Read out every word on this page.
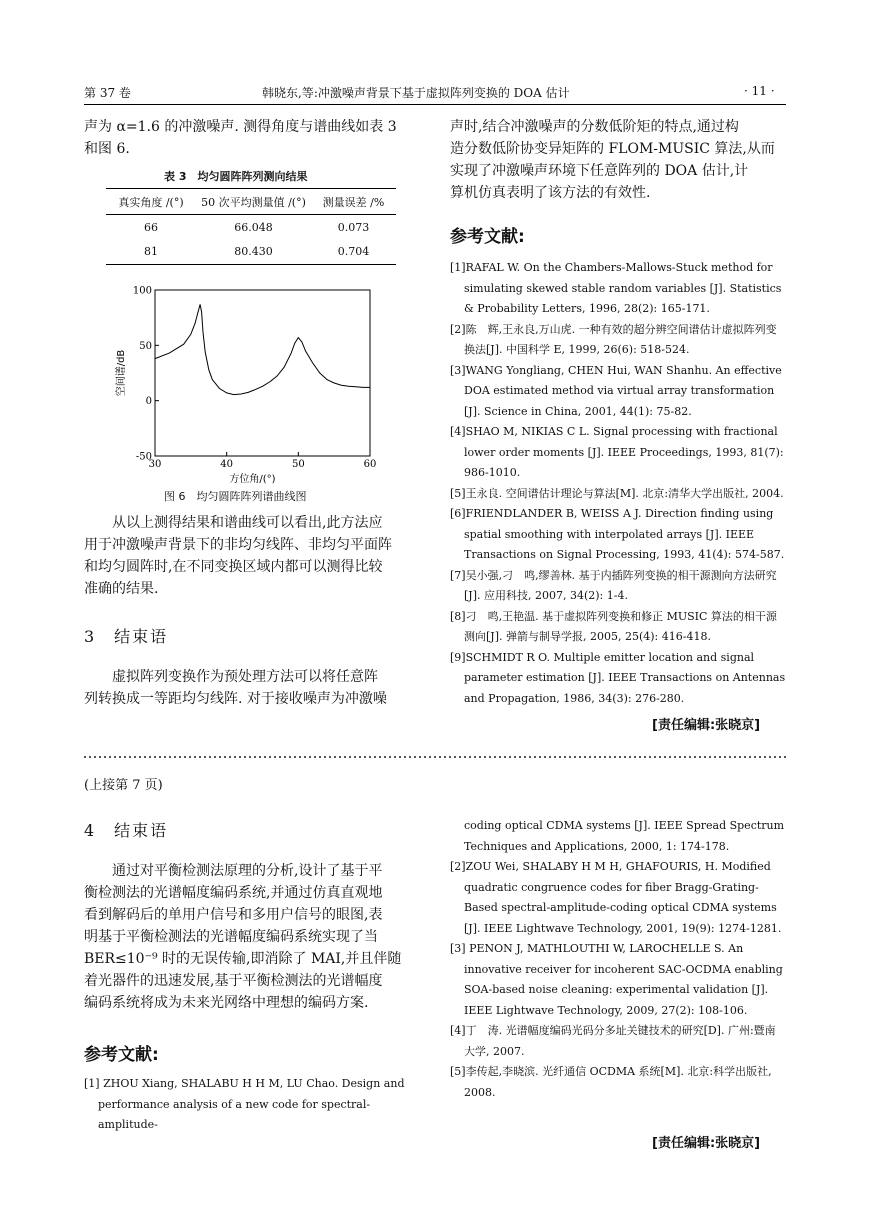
第 37 卷	韩晓东,等:冲激噪声背景下基于虚拟阵列变换的 DOA 估计	· 11 ·
声为 α=1.6 的冲激噪声. 测得角度与谱曲线如表 3
和图 6.
表 3　均匀圆阵阵列测向结果
真实角度 /(°)	50 次平均测量值 /(°)	测量误差 /%
66	66.048	0.073
81	80.430	0.704
30	40	50	60
100
50
0
-50
方位角/(°)
空间谱/dB
图 6　均匀圆阵阵列谱曲线图
从以上测得结果和谱曲线可以看出,此方法应
用于冲激噪声背景下的非均匀线阵、非均匀平面阵
和均匀圆阵时,在不同变换区域内都可以测得比较
准确的结果.
3　结束语
虚拟阵列变换作为预处理方法可以将任意阵
列转换成一等距均匀线阵. 对于接收噪声为冲激噪
声时,结合冲激噪声的分数低阶矩的特点,通过构
造分数低阶协变异矩阵的 FLOM-MUSIC 算法,从而
实现了冲激噪声环境下任意阵列的 DOA 估计,计
算机仿真表明了该方法的有效性.
参考文献:

[1]RAFAL W. On the Chambers-Mallows-Stuck method for simulating skewed stable random variables [J]. Statistics & Probability Letters, 1996, 28(2): 165-171.

[2]陈　辉,王永良,万山虎. 一种有效的超分辨空间谱估计虚拟阵列变换法[J]. 中国科学 E, 1999, 26(6): 518-524.

[3]WANG Yongliang, CHEN Hui, WAN Shanhu. An effective DOA estimated method via virtual array transformation [J]. Science in China, 2001, 44(1): 75-82.

[4]SHAO M, NIKIAS C L. Signal processing with fractional lower order moments [J]. IEEE Proceedings, 1993, 81(7): 986-1010.

[5]王永良. 空间谱估计理论与算法[M]. 北京:清华大学出版社, 2004.

[6]FRIENDLANDER B, WEISS A J. Direction finding using spatial smoothing with interpolated arrays [J]. IEEE Transactions on Signal Processing, 1993, 41(4): 574-587.

[7]吴小强,刁　鸣,缪善林. 基于内插阵列变换的相干源测向方法研究[J]. 应用科技, 2007, 34(2): 1-4.

[8]刁　鸣,王艳温. 基于虚拟阵列变换和修正 MUSIC 算法的相干源测向[J]. 弹箭与制导学报, 2005, 25(4): 416-418.

[9]SCHMIDT R O. Multiple emitter location and signal parameter estimation [J]. IEEE Transactions on Antennas and Propagation, 1986, 34(3): 276-280.

[责任编辑:张晓京]
(上接第 7 页)
4　结束语
通过对平衡检测法原理的分析,设计了基于平
衡检测法的光谱幅度编码系统,并通过仿真直观地
看到解码后的单用户信号和多用户信号的眼图,表
明基于平衡检测法的光谱幅度编码系统实现了当
BER≤10⁻⁹ 时的无误传输,即消除了 MAI,并且伴随
着光器件的迅速发展,基于平衡检测法的光谱幅度
编码系统将成为未来光网络中理想的编码方案.
参考文献:

[1] ZHOU Xiang, SHALABU H H M, LU Chao. Design and performance analysis of a new code for spectral-amplitude-

coding optical CDMA systems [J]. IEEE Spread Spectrum Techniques and Applications, 2000, 1: 174-178.

[2]ZOU Wei, SHALABY H M H, GHAFOURIS, H. Modified quadratic congruence codes for fiber Bragg-Grating-Based spectral-amplitude-coding optical CDMA systems [J]. IEEE Lightwave Technology, 2001, 19(9): 1274-1281.

[3] PENON J, MATHLOUTHI W, LAROCHELLE S. An innovative receiver for incoherent SAC-OCDMA enabling SOA-based noise cleaning: experimental validation [J]. IEEE Lightwave Technology, 2009, 27(2): 108-106.

[4]丁　涛. 光谱幅度编码光码分多址关键技术的研究[D]. 广州:暨南大学, 2007.

[5]李传起,李晓滨. 光纤通信 OCDMA 系统[M]. 北京:科学出版社, 2008.

[责任编辑:张晓京]
